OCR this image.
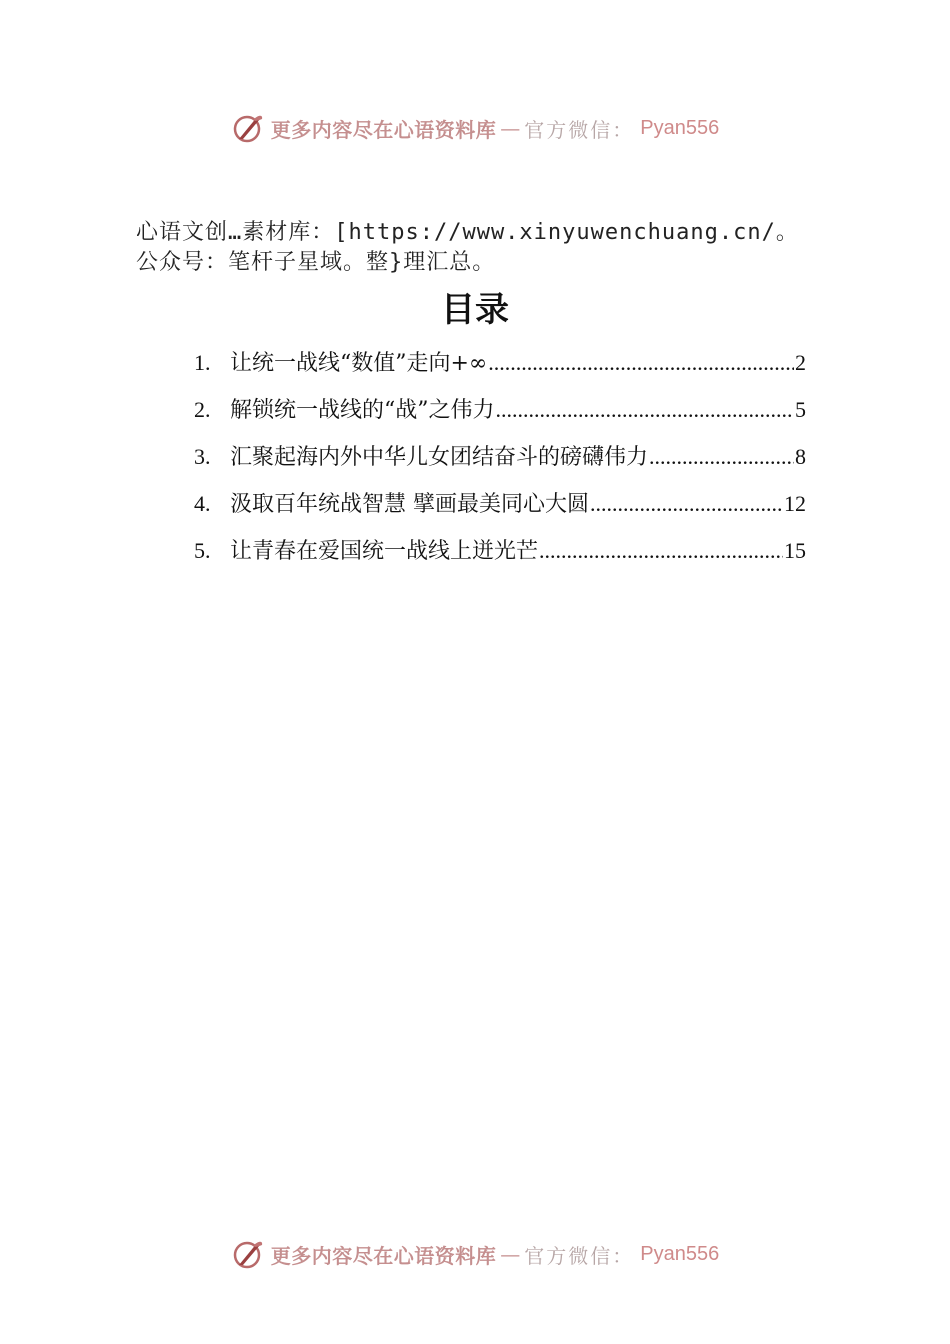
更多内容尽在心语资料库 — 官方微信： Pyan556
心语文创…素材库：[https://www.xinyuwenchuang.cn/。公众号：笔杆子星域。整}理汇总。
目录
1. 让统一战线“数值”走向+∞ .....	2
2. 解锁统一战线的“战”之伟力 .....	5
3. 汇聚起海内外中华儿女团结奋斗的磅礴伟力 .....	8
4. 汲取百年统战智慧 擘画最美同心大圆 .....	12
5. 让青春在爱国统一战线上迸光芒 .....	15
更多内容尽在心语资料库 — 官方微信： Pyan556
